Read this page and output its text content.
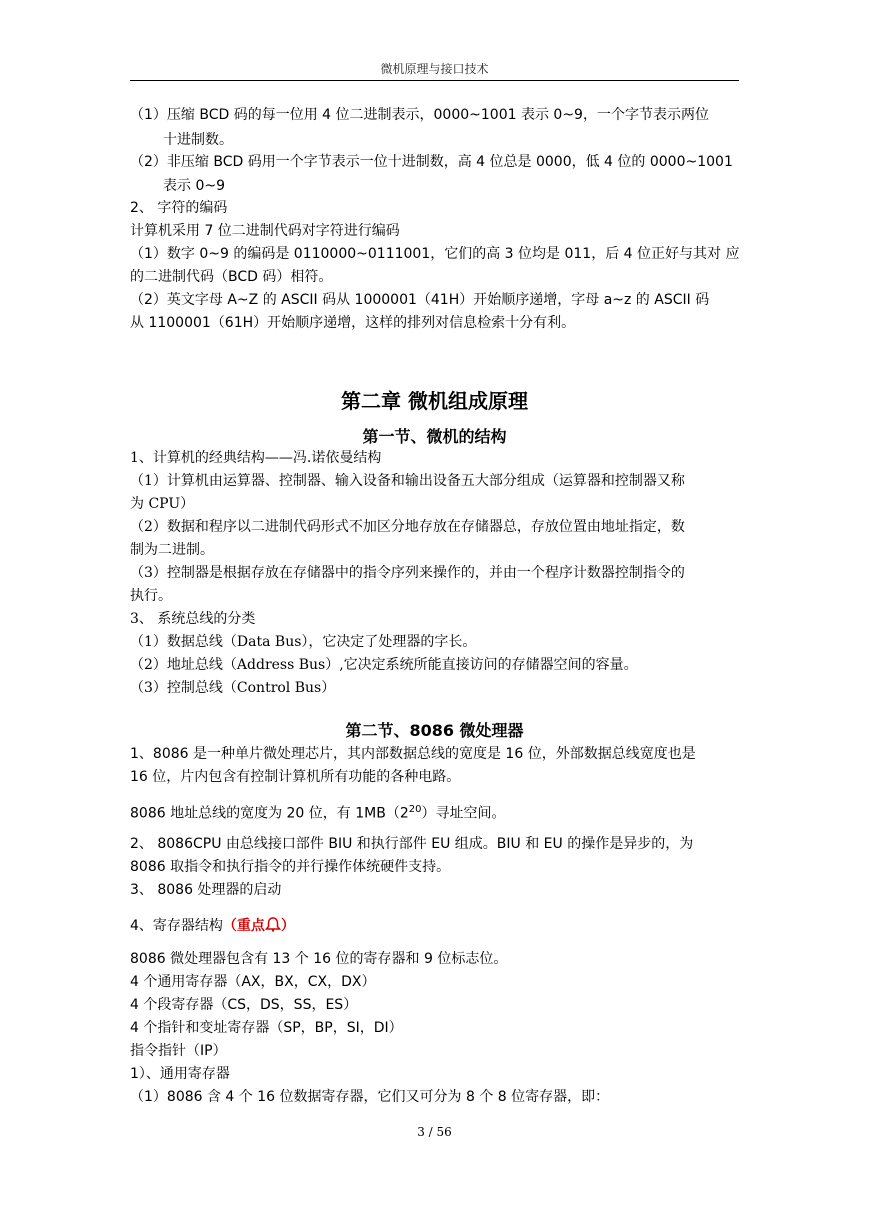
微机原理与接口技术
（1）压缩 BCD 码的每一位用 4 位二进制表示，0000~1001 表示 0~9，一个字节表示两位
十进制数。
（2）非压缩 BCD 码用一个字节表示一位十进制数，高 4 位总是 0000，低 4 位的 0000~1001
表示 0~9
2、 字符的编码
计算机采用 7 位二进制代码对字符进行编码
（1）数字 0~9 的编码是 0110000~0111001，它们的高 3 位均是 011，后 4 位正好与其对 应
的二进制代码（BCD 码）相符。
（2）英文字母 A~Z 的 ASCII 码从 1000001（41H）开始顺序递增，字母 a~z 的 ASCII 码
从 1100001（61H）开始顺序递增，这样的排列对信息检索十分有利。
第二章 微机组成原理
第一节、微机的结构
1、计算机的经典结构——冯.诺依曼结构
（1）计算机由运算器、控制器、输入设备和输出设备五大部分组成（运算器和控制器又称
为 CPU）
（2）数据和程序以二进制代码形式不加区分地存放在存储器总，存放位置由地址指定，数
制为二进制。
（3）控制器是根据存放在存储器中的指令序列来操作的，并由一个程序计数器控制指令的
执行。
3、 系统总线的分类
（1）数据总线（Data Bus），它决定了处理器的字长。
（2）地址总线（Address Bus）,它决定系统所能直接访问的存储器空间的容量。
（3）控制总线（Control Bus）
第二节、8086 微处理器
1、8086 是一种单片微处理芯片，其内部数据总线的宽度是 16 位，外部数据总线宽度也是
16 位，片内包含有控制计算机所有功能的各种电路。
8086 地址总线的宽度为 20 位，有 $1MB(2^{20})$寻址空间。
2、 8086CPU 由总线接口部件 BIU 和执行部件 EU 组成。BIU 和 EU 的操作是异步的，为
8086 取指令和执行指令的并行操作体统硬件支持。
3、 8086 处理器的启动
4、寄存器结构（重点 ）
8086 微处理器包含有 13 个 16 位的寄存器和 9 位标志位。
4 个通用寄存器（AX，BX，CX，DX）
4 个段寄存器（CS，DS，SS，ES）
4 个指针和变址寄存器（SP，BP，SI，DI）
指令指针（IP）
1）、通用寄存器
（1）8086 含 4 个 16 位数据寄存器，它们又可分为 8 个 8 位寄存器，即：
3 / 56
